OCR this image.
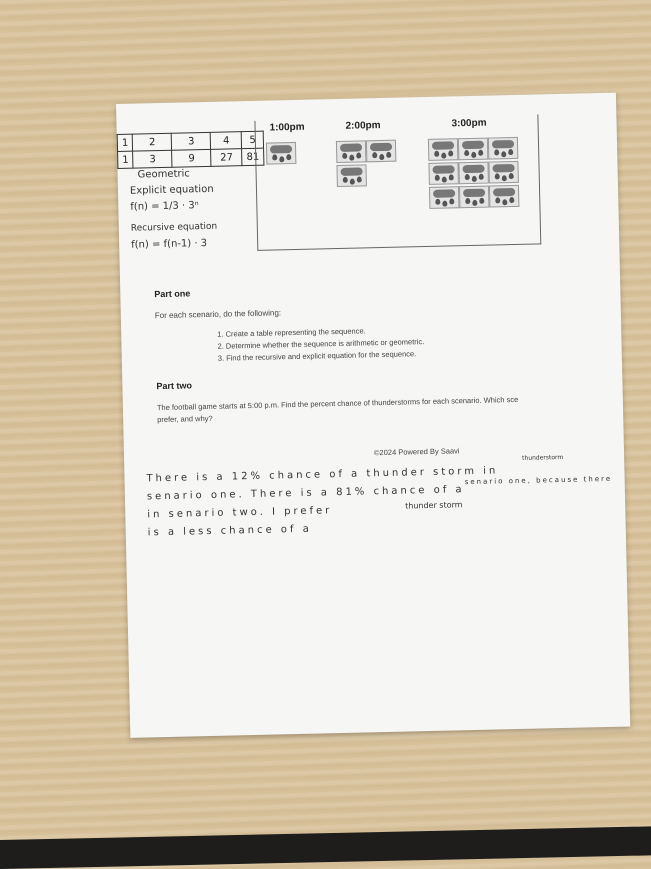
1	2	3	4	5
1	3	9	27	81
Geometric
Explicit equation
f(n) = 1/3 · 3ⁿ
Recursive equation
f(n) = f(n-1) · 3
1:00pm	2:00pm	3:00pm
Part one
For each scenario, do the following:
1. Create a table representing the sequence.
2. Determine whether the sequence is arithmetic or geometric.
3. Find the recursive and explicit equation for the sequence.
Part two
The football game starts at 5:00 p.m. Find the percent chance of thunderstorms for each scenario. Which sce
prefer, and why?
©2024 Powered By Saavi
There is a 12% chance of a thunder storm in
thunderstorm
senario one. There is a 81% chance of a
senario one, because there
in senario two. I prefer	thunder storm
is a less chance of a
